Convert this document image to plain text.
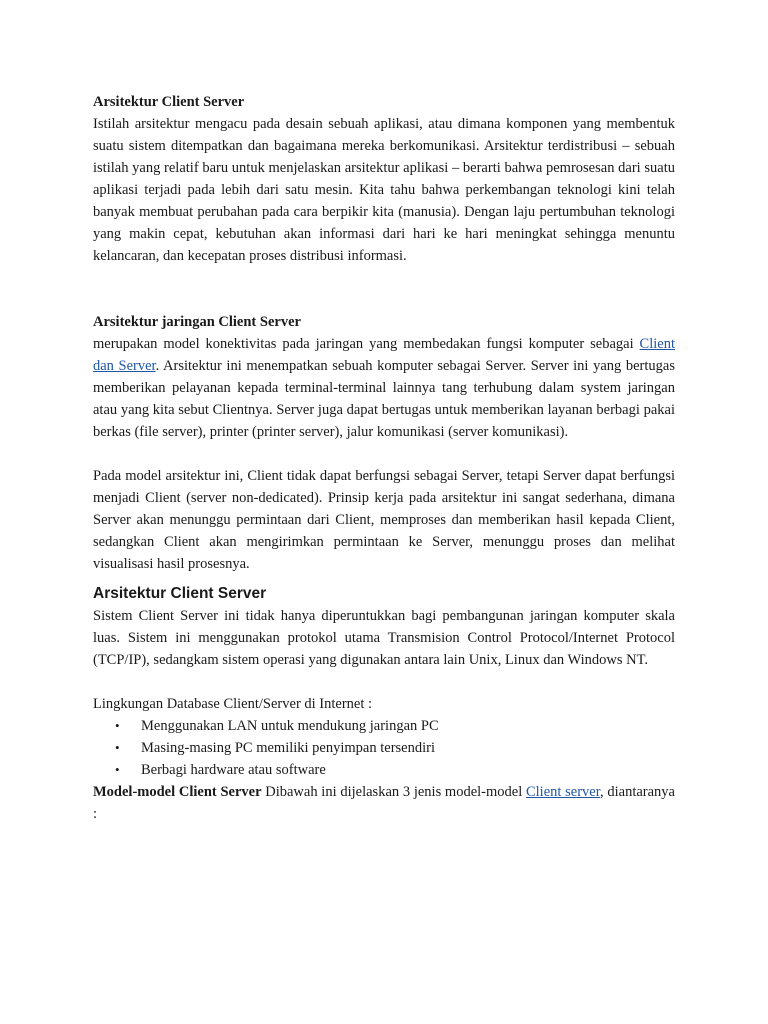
Arsitektur Client Server

Istilah arsitektur mengacu pada desain sebuah aplikasi, atau dimana komponen yang membentuk suatu sistem ditempatkan dan bagaimana mereka berkomunikasi. Arsitektur terdistribusi – sebuah istilah yang relatif baru untuk menjelaskan arsitektur aplikasi – berarti bahwa pemrosesan dari suatu aplikasi terjadi pada lebih dari satu mesin. Kita tahu bahwa perkembangan teknologi kini telah banyak membuat perubahan pada cara berpikir kita (manusia). Dengan laju pertumbuhan teknologi yang makin cepat, kebutuhan akan informasi dari hari ke hari meningkat sehingga menuntu kelancaran, dan kecepatan proses distribusi informasi.

Arsitektur jaringan Client Server

merupakan model konektivitas pada jaringan yang membedakan fungsi komputer sebagai Client dan Server. Arsitektur ini menempatkan sebuah komputer sebagai Server. Server ini yang bertugas memberikan pelayanan kepada terminal-terminal lainnya tang terhubung dalam system jaringan atau yang kita sebut Clientnya. Server juga dapat bertugas untuk memberikan layanan berbagi pakai berkas (file server), printer (printer server), jalur komunikasi (server komunikasi).

Pada model arsitektur ini, Client tidak dapat berfungsi sebagai Server, tetapi Server dapat berfungsi menjadi Client (server non-dedicated). Prinsip kerja pada arsitektur ini sangat sederhana, dimana Server akan menunggu permintaan dari Client, memproses dan memberikan hasil kepada Client, sedangkan Client akan mengirimkan permintaan ke Server, menunggu proses dan melihat visualisasi hasil prosesnya.

Arsitektur Client Server

Sistem Client Server ini tidak hanya diperuntukkan bagi pembangunan jaringan komputer skala luas. Sistem ini menggunakan protokol utama Transmision Control Protocol/Internet Protocol (TCP/IP), sedangkam sistem operasi yang digunakan antara lain Unix, Linux dan Windows NT.

Lingkungan Database Client/Server di Internet :

• Menggunakan LAN untuk mendukung jaringan PC
• Masing-masing PC memiliki penyimpan tersendiri
• Berbagi hardware atau software

Model-model Client Server Dibawah ini dijelaskan 3 jenis model-model Client server, diantaranya :
